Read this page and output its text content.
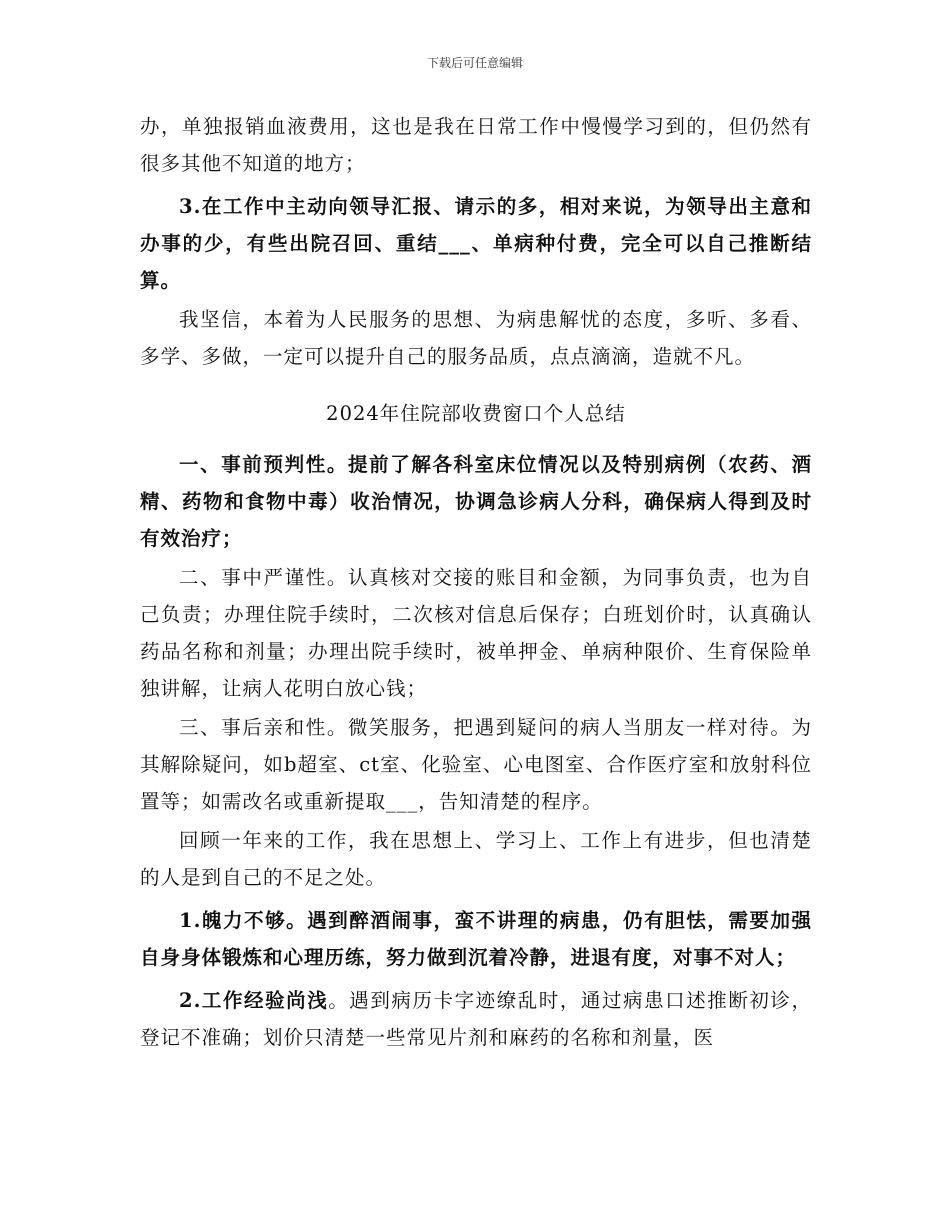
下载后可任意编辑

办，单独报销血液费用，这也是我在日常工作中慢慢学习到的，但仍然有很多其他不知道的地方；

3.在工作中主动向领导汇报、请示的多，相对来说，为领导出主意和办事的少，有些出院召回、重结___、单病种付费，完全可以自己推断结算。

我坚信，本着为人民服务的思想、为病患解忧的态度，多听、多看、多学、多做，一定可以提升自己的服务品质，点点滴滴，造就不凡。

2024年住院部收费窗口个人总结

一、事前预判性。提前了解各科室床位情况以及特别病例（农药、酒精、药物和食物中毒）收治情况，协调急诊病人分科，确保病人得到及时有效治疗；

二、事中严谨性。认真核对交接的账目和金额，为同事负责，也为自己负责；办理住院手续时，二次核对信息后保存；白班划价时，认真确认药品名称和剂量；办理出院手续时，被单押金、单病种限价、生育保险单独讲解，让病人花明白放心钱；

三、事后亲和性。微笑服务，把遇到疑问的病人当朋友一样对待。为其解除疑问，如b超室、ct室、化验室、心电图室、合作医疗室和放射科位置等；如需改名或重新提取___，告知清楚的程序。

回顾一年来的工作，我在思想上、学习上、工作上有进步，但也清楚的人是到自己的不足之处。

1.魄力不够。遇到醉酒闹事，蛮不讲理的病患，仍有胆怯，需要加强自身身体锻炼和心理历练，努力做到沉着冷静，进退有度，对事不对人；

2.工作经验尚浅。遇到病历卡字迹缭乱时，通过病患口述推断初诊，登记不准确；划价只清楚一些常见片剂和麻药的名称和剂量，医
